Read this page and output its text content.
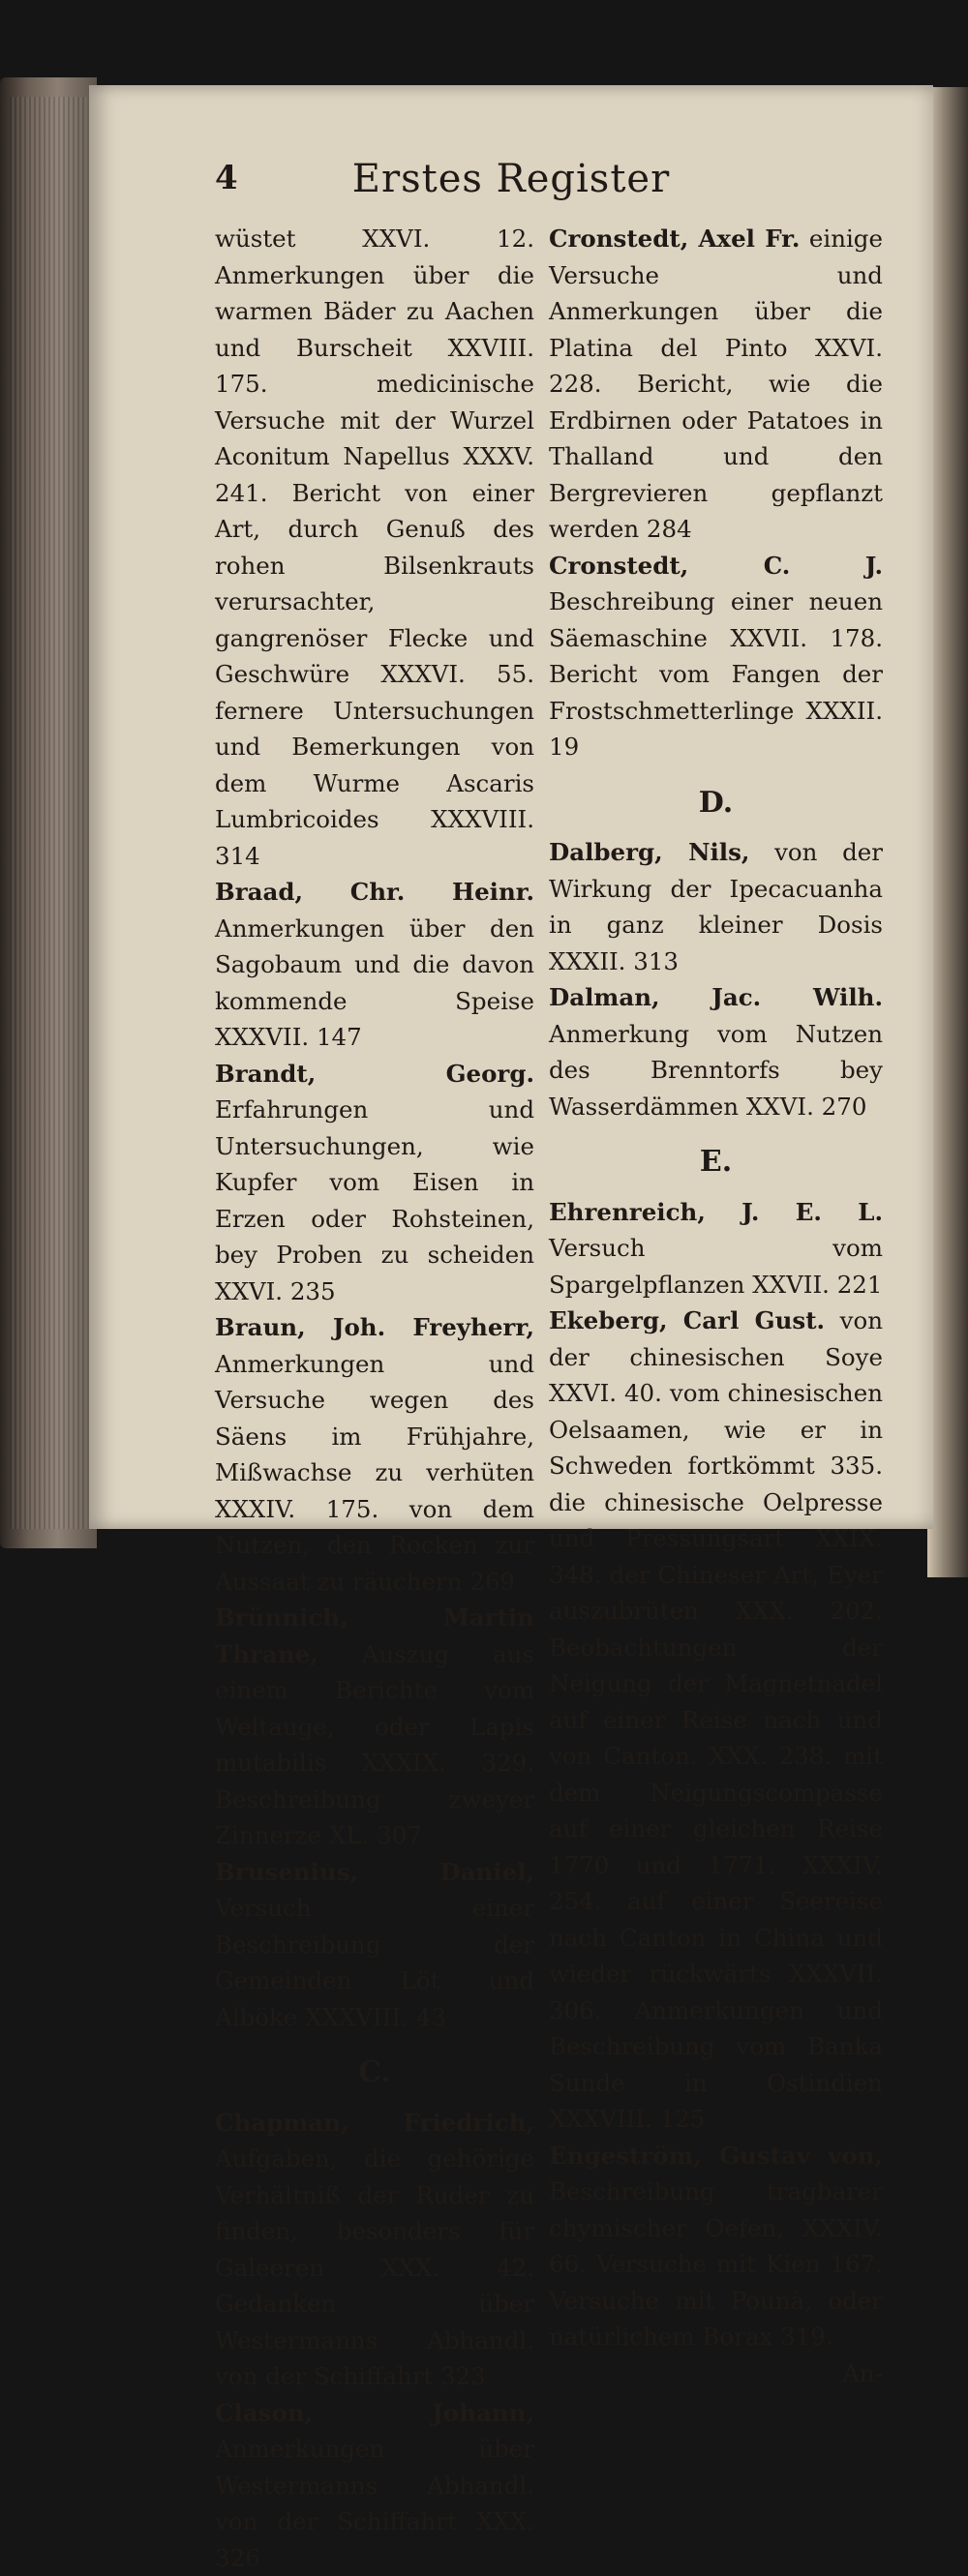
4	Erstes Register

wüstet XXVI. 12. Anmerkungen über die warmen Bäder zu Aachen und Burscheit XXVIII. 175. medicinische Versuche mit der Wurzel Aconitum Napellus XXXV. 241. Bericht von einer Art, durch Genuß des rohen Bilsenkrauts verursachter, gangrenöser Flecke und Geschwüre XXXVI. 55. fernere Untersuchungen und Bemerkungen von dem Wurme Ascaris Lumbricoides XXXVIII. 314

Braad, Chr. Heinr. Anmerkungen über den Sagobaum und die davon kommende Speise XXXVII. 147

Brandt, Georg. Erfahrungen und Untersuchungen, wie Kupfer vom Eisen in Erzen oder Rohsteinen, bey Proben zu scheiden XXVI. 235

Braun, Joh. Freyherr, Anmerkungen und Versuche wegen des Säens im Frühjahre, Mißwachse zu verhüten XXXIV. 175. von dem Nutzen, den Rocken zur Aussaat zu räuchern 269

Brünnich, Martin Thrane, Auszug aus einem Berichte vom Weltauge, oder Lapis mutabilis XXXIX. 329. Beschreibung zweyer Zinnerze XL. 307

Brusenius, Daniel, Versuch einer Beschreibung der Gemeinden Löt und Alböke XXXVIII. 43

C.

Chapman, Friedrich, Aufgaben, die gehörige Verhältniß der Ruder zu finden, besonders für Galeeren XXX. 42. Gedanken über Westermanns Abhandl. von der Schiffahrt 323

Clason, Johann, Anmerkungen über Westermanns Abhandl. von der Schiffahrt XXX. 326

Cronstedt, Axel Fr. einige Versuche und Anmerkungen über die Platina del Pinto XXVI. 228. Bericht, wie die Erdbirnen oder Patatoes in Thalland und den Bergrevieren gepflanzt werden 284

Cronstedt, C. J. Beschreibung einer neuen Säemaschine XXVII. 178. Bericht vom Fangen der Frostschmetterlinge XXXII. 19

D.

Dalberg, Nils, von der Wirkung der Ipecacuanha in ganz kleiner Dosis XXXII. 313

Dalman, Jac. Wilh. Anmerkung vom Nutzen des Brenntorfs bey Wasserdämmen XXVI. 270

E.

Ehrenreich, J. E. L. Versuch vom Spargelpflanzen XXVII. 221

Ekeberg, Carl Gust. von der chinesischen Soye XXVI. 40. vom chinesischen Oelsaamen, wie er in Schweden fortkömmt 335. die chinesische Oelpresse und Pressungsart XXIX. 348. der Chineser Art, Eyer auszubrüten XXX. 202. Beobachtungen der Neigung der Magnetnadel auf einer Reise nach und von Canton. XXX. 238. mit dem Neigungscompasse auf einer gleichen Reise 1770 und 1771. XXXIV. 254. auf einer Seereise nach Canton in China und wieder rückwärts XXXVII. 306. Anmerkungen und Beschreibung vom Banka Sunde in Ostindien XXXVIII. 125

Engeström, Gustav von, Beschreibung tragbarer chymischer Oefen, XXXIV. 66. Versuche mit Kien 167. Versuche mit Pounà, oder natürlichem Borax 319.

An-
